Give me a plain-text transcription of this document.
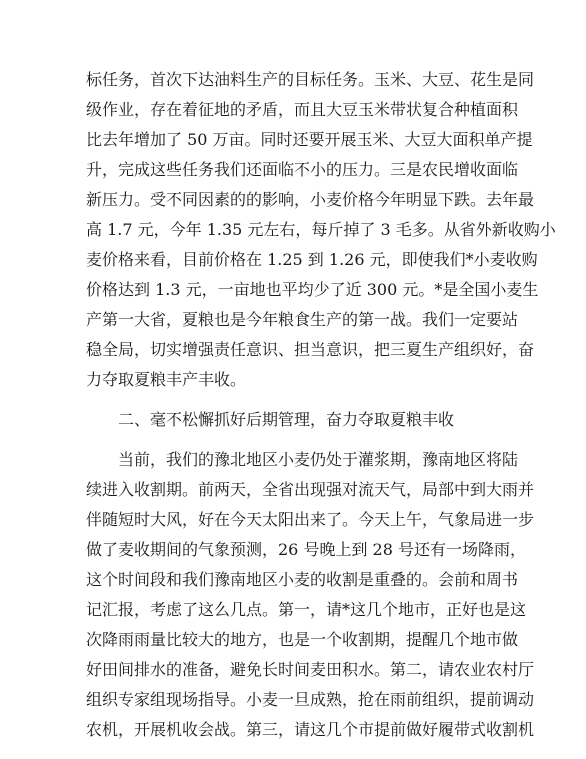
标任务，首次下达油料生产的目标任务。玉米、大豆、花生是同
级作业，存在着征地的矛盾，而且大豆玉米带状复合种植面积
比去年增加了 50 万亩。同时还要开展玉米、大豆大面积单产提
升，完成这些任务我们还面临不小的压力。三是农民增收面临
新压力。受不同因素的的影响，小麦价格今年明显下跌。去年最
高 1.7 元，今年 1.35 元左右，每斤掉了 3 毛多。从省外新收购小
麦价格来看，目前价格在 1.25 到 1.26 元，即使我们*小麦收购
价格达到 1.3 元，一亩地也平均少了近 300 元。*是全国小麦生
产第一大省，夏粮也是今年粮食生产的第一战。我们一定要站
稳全局，切实增强责任意识、担当意识，把三夏生产组织好，奋
力夺取夏粮丰产丰收。
二、毫不松懈抓好后期管理，奋力夺取夏粮丰收
当前，我们的豫北地区小麦仍处于灌浆期，豫南地区将陆
续进入收割期。前两天，全省出现强对流天气，局部中到大雨并
伴随短时大风，好在今天太阳出来了。今天上午，气象局进一步
做了麦收期间的气象预测，26 号晚上到 28 号还有一场降雨，
这个时间段和我们豫南地区小麦的收割是重叠的。会前和周书
记汇报，考虑了这么几点。第一，请*这几个地市，正好也是这
次降雨雨量比较大的地方，也是一个收割期，提醒几个地市做
好田间排水的准备，避免长时间麦田积水。第二，请农业农村厅
组织专家组现场指导。小麦一旦成熟，抢在雨前组织，提前调动
农机，开展机收会战。第三，请这几个市提前做好履带式收割机
